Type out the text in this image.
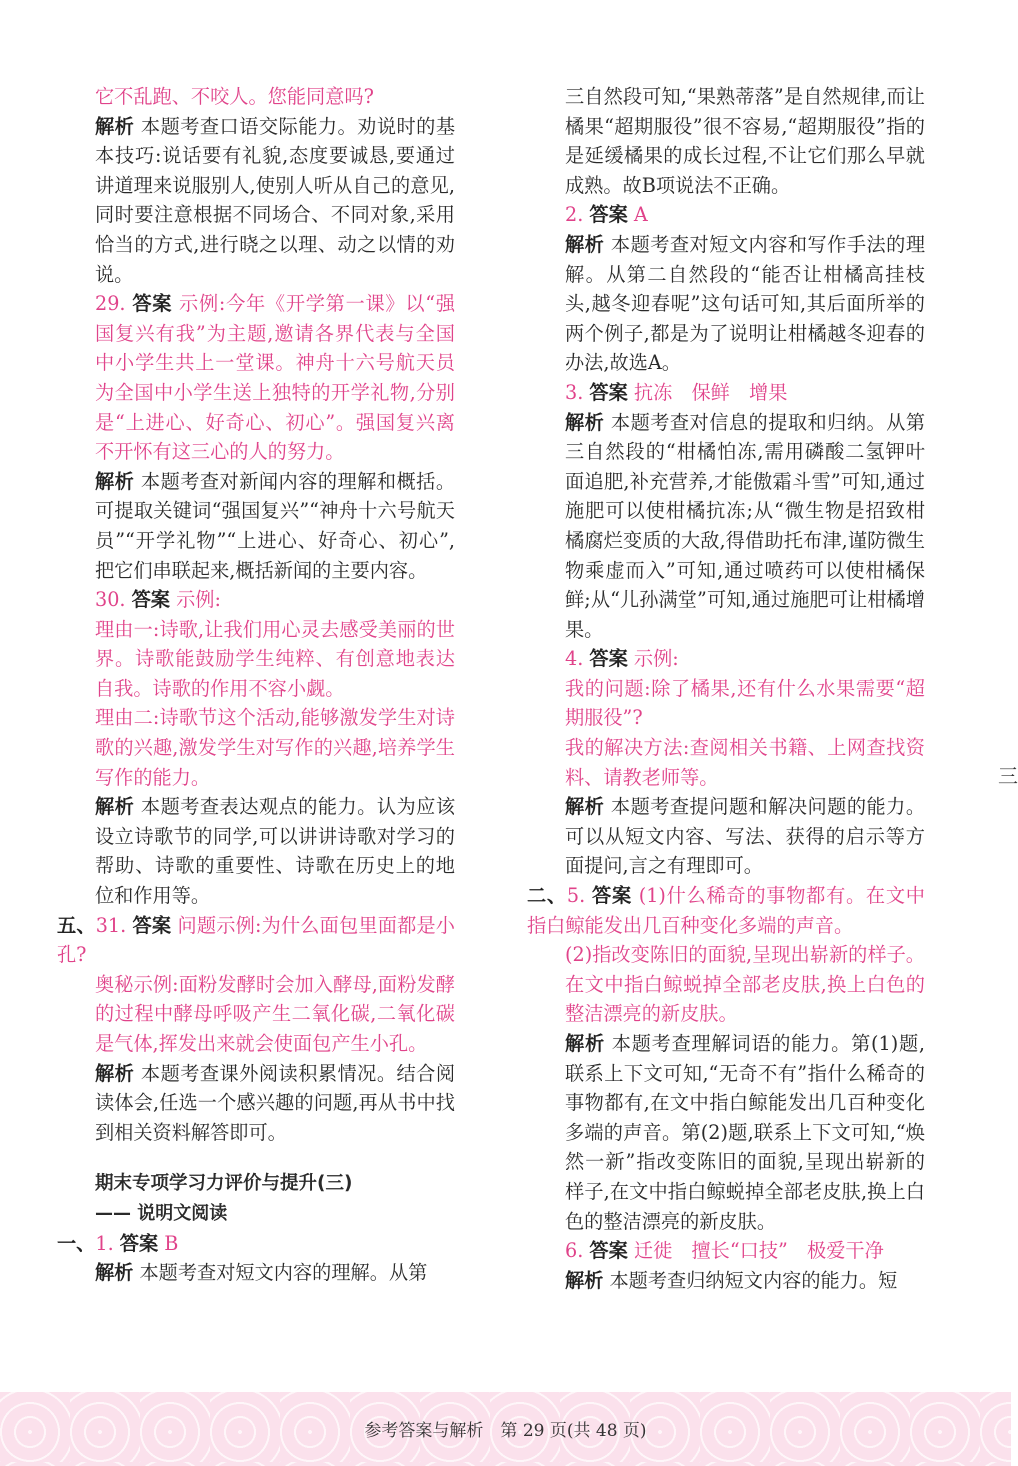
它不乱跑、不咬人。您能同意吗?

解析 本题考查口语交际能力。劝说时的基本技巧:说话要有礼貌,态度要诚恳,要通过讲道理来说服别人,使别人听从自己的意见,同时要注意根据不同场合、不同对象,采用恰当的方式,进行晓之以理、动之以情的劝说。

29. 答案 示例:今年《开学第一课》以“强国复兴有我”为主题,邀请各界代表与全国中小学生共上一堂课。神舟十六号航天员为全国中小学生送上独特的开学礼物,分别是“上进心、好奇心、初心”。强国复兴离不开怀有这三心的人的努力。

解析 本题考查对新闻内容的理解和概括。可提取关键词“强国复兴”“神舟十六号航天员”“开学礼物”“上进心、好奇心、初心”,把它们串联起来,概括新闻的主要内容。

30. 答案 示例:

理由一:诗歌,让我们用心灵去感受美丽的世界。诗歌能鼓励学生纯粹、有创意地表达自我。诗歌的作用不容小觑。

理由二:诗歌节这个活动,能够激发学生对诗歌的兴趣,激发学生对写作的兴趣,培养学生写作的能力。

解析 本题考查表达观点的能力。认为应该设立诗歌节的同学,可以讲讲诗歌对学习的帮助、诗歌的重要性、诗歌在历史上的地位和作用等。

五、31. 答案 问题示例:为什么面包里面都是小孔?

奥秘示例:面粉发酵时会加入酵母,面粉发酵的过程中酵母呼吸产生二氧化碳,二氧化碳是气体,挥发出来就会使面包产生小孔。

解析 本题考查课外阅读积累情况。结合阅读体会,任选一个感兴趣的问题,再从书中找到相关资料解答即可。

期末专项学习力评价与提升(三)

—— 说明文阅读

一、1. 答案 B

解析 本题考查对短文内容的理解。从第

三自然段可知,“果熟蒂落”是自然规律,而让橘果“超期服役”很不容易,“超期服役”指的是延缓橘果的成长过程,不让它们那么早就成熟。故B项说法不正确。

2. 答案 A

解析 本题考查对短文内容和写作手法的理解。从第二自然段的“能否让柑橘高挂枝头,越冬迎春呢”这句话可知,其后面所举的两个例子,都是为了说明让柑橘越冬迎春的办法,故选A。

3. 答案 抗冻　保鲜　增果

解析 本题考查对信息的提取和归纳。从第三自然段的“柑橘怕冻,需用磷酸二氢钾叶面追肥,补充营养,才能傲霜斗雪”可知,通过施肥可以使柑橘抗冻;从“微生物是招致柑橘腐烂变质的大敌,得借助托布津,谨防微生物乘虚而入”可知,通过喷药可以使柑橘保鲜;从“儿孙满堂”可知,通过施肥可让柑橘增果。

4. 答案 示例:

我的问题:除了橘果,还有什么水果需要“超期服役”?

我的解决方法:查阅相关书籍、上网查找资料、请教老师等。

解析 本题考查提问题和解决问题的能力。可以从短文内容、写法、获得的启示等方面提问,言之有理即可。

二、5. 答案 (1)什么稀奇的事物都有。在文中指白鲸能发出几百种变化多端的声音。

(2)指改变陈旧的面貌,呈现出崭新的样子。在文中指白鲸蜕掉全部老皮肤,换上白色的整洁漂亮的新皮肤。

解析 本题考查理解词语的能力。第(1)题,联系上下文可知,“无奇不有”指什么稀奇的事物都有,在文中指白鲸能发出几百种变化多端的声音。第(2)题,联系上下文可知,“焕然一新”指改变陈旧的面貌,呈现出崭新的样子,在文中指白鲸蜕掉全部老皮肤,换上白色的整洁漂亮的新皮肤。

6. 答案 迁徙　擅长“口技”　极爱干净

解析 本题考查归纳短文内容的能力。短

三
参考答案与解析　第 29 页(共 48 页)
